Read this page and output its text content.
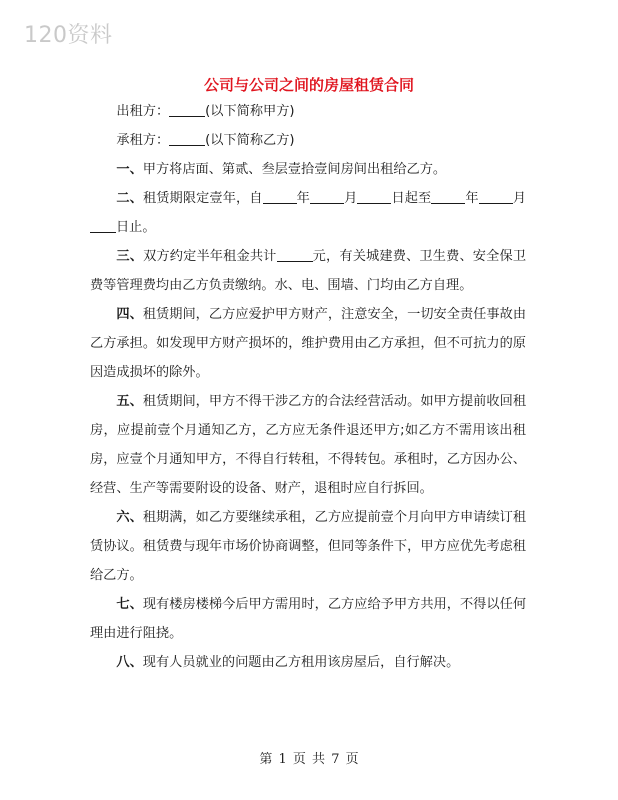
120资料
公司与公司之间的房屋租赁合同

出租方：	(以下简称甲方)

承租方：	(以下简称乙方)

一、甲方将店面、第贰、叁层壹拾壹间房间出租给乙方。

二、租赁期限定壹年，自	年	月	日起至	年	月日止。

三、双方约定半年租金共计	元，有关城建费、卫生费、安全保卫费等管理费均由乙方负责缴纳。水、电、围墙、门均由乙方自理。

四、租赁期间，乙方应爱护甲方财产，注意安全，一切安全责任事故由乙方承担。如发现甲方财产损坏的，维护费用由乙方承担，但不可抗力的原因造成损坏的除外。

五、租赁期间，甲方不得干涉乙方的合法经营活动。如甲方提前收回租房，应提前壹个月通知乙方，乙方应无条件退还甲方;如乙方不需用该出租房，应壹个月通知甲方，不得自行转租，不得转包。承租时，乙方因办公、经营、生产等需要附设的设备、财产，退租时应自行拆回。

六、租期满，如乙方要继续承租，乙方应提前壹个月向甲方申请续订租赁协议。租赁费与现年市场价协商调整，但同等条件下，甲方应优先考虑租给乙方。

七、现有楼房楼梯今后甲方需用时，乙方应给予甲方共用，不得以任何理由进行阻挠。

八、现有人员就业的问题由乙方租用该房屋后，自行解决。

第 1 页 共 7 页
